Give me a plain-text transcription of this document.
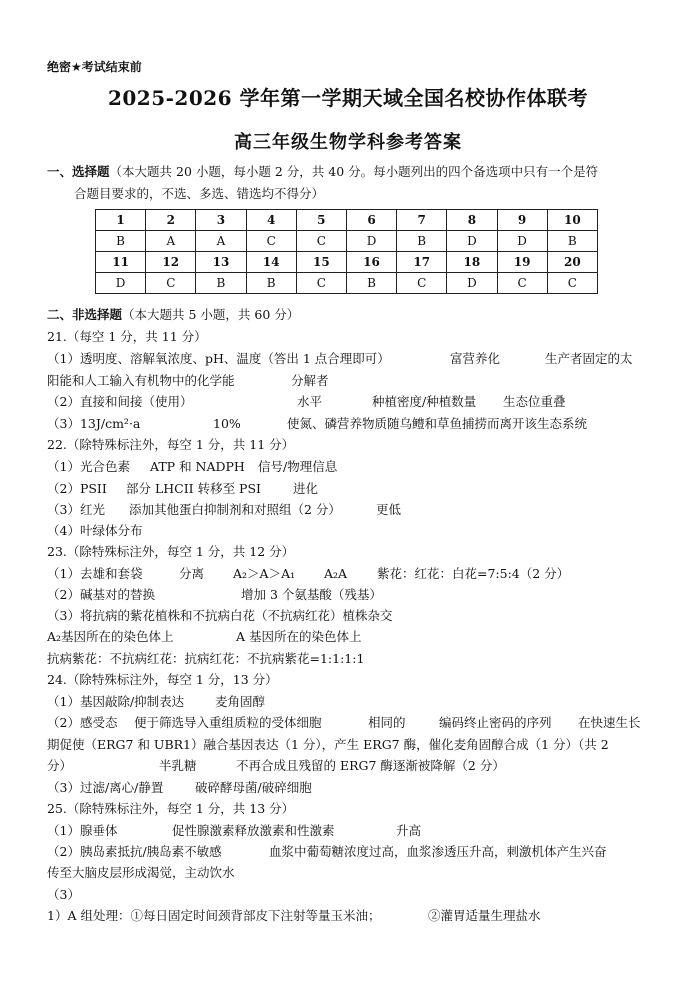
绝密★考试结束前
2025-2026 学年第一学期天域全国名校协作体联考
高三年级生物学科参考答案
一、选择题（本大题共 20 小题，每小题 2 分，共 40 分。每小题列出的四个备选项中只有一个是符
合题目要求的，不选、多选、错选均不得分）
1	2	3	4	5	6	7	8	9	10
B	A	A	C	C	D	B	D	D	B
11	12	13	14	15	16	17	18	19	20
D	C	B	B	C	B	C	D	C	C
二、非选择题（本大题共 5 小题，共 60 分）
21.（每空 1 分，共 11 分）
（1）透明度、溶解氧浓度、pH、温度（答出 1 点合理即可）	富营养化	生产者固定的太
阳能和人工输入有机物中的化学能	分解者
（2）直接和间接（使用）	水平	种植密度/种植数量 生态位重叠
（3）13J/cm²·a	10%	使氮、磷营养物质随乌鳢和草鱼捕捞而离开该生态系统
22.（除特殊标注外，每空 1 分，共 11 分）
（1）光合色素 ATP 和 NADPH 信号/物理信息
（2）PSII 部分 LHCII 转移至 PSI	进化
（3）红光 添加其他蛋白抑制剂和对照组（2 分）	更低
（4）叶绿体分布
23.（除特殊标注外，每空 1 分，共 12 分）
（1）去雄和套袋	分离 A₂＞A＞A₁ A₂A 紫花：红花：白花=7:5:4（2 分）
（2）碱基对的替换	增加 3 个氨基酸（残基）
（3）将抗病的紫花植株和不抗病白花（不抗病红花）植株杂交
A₂基因所在的染色体上	A 基因所在的染色体上
抗病紫花：不抗病红花：抗病红花：不抗病紫花=1:1:1:1
24.（除特殊标注外，每空 1 分，13 分）
（1）基因敲除/抑制表达 麦角固醇
（2）感受态 便于筛选导入重组质粒的受体细胞	相同的	编码终止密码的序列 在快速生长
期促使（ERG7 和 UBR1）融合基因表达（1 分），产生 ERG7 酶，催化麦角固醇合成（1 分）（共 2
分）	半乳糖	不再合成且残留的 ERG7 酶逐渐被降解（2 分）
（3）过滤/离心/静置	破碎酵母菌/破碎细胞
25.（除特殊标注外，每空 1 分，共 13 分）
（1）腺垂体	促性腺激素释放激素和性激素	升高
（2）胰岛素抵抗/胰岛素不敏感	血浆中葡萄糖浓度过高，血浆渗透压升高，刺激机体产生兴奋
传至大脑皮层形成渴觉，主动饮水
（3）
1）A 组处理：①每日固定时间颈背部皮下注射等量玉米油；	②灌胃适量生理盐水
